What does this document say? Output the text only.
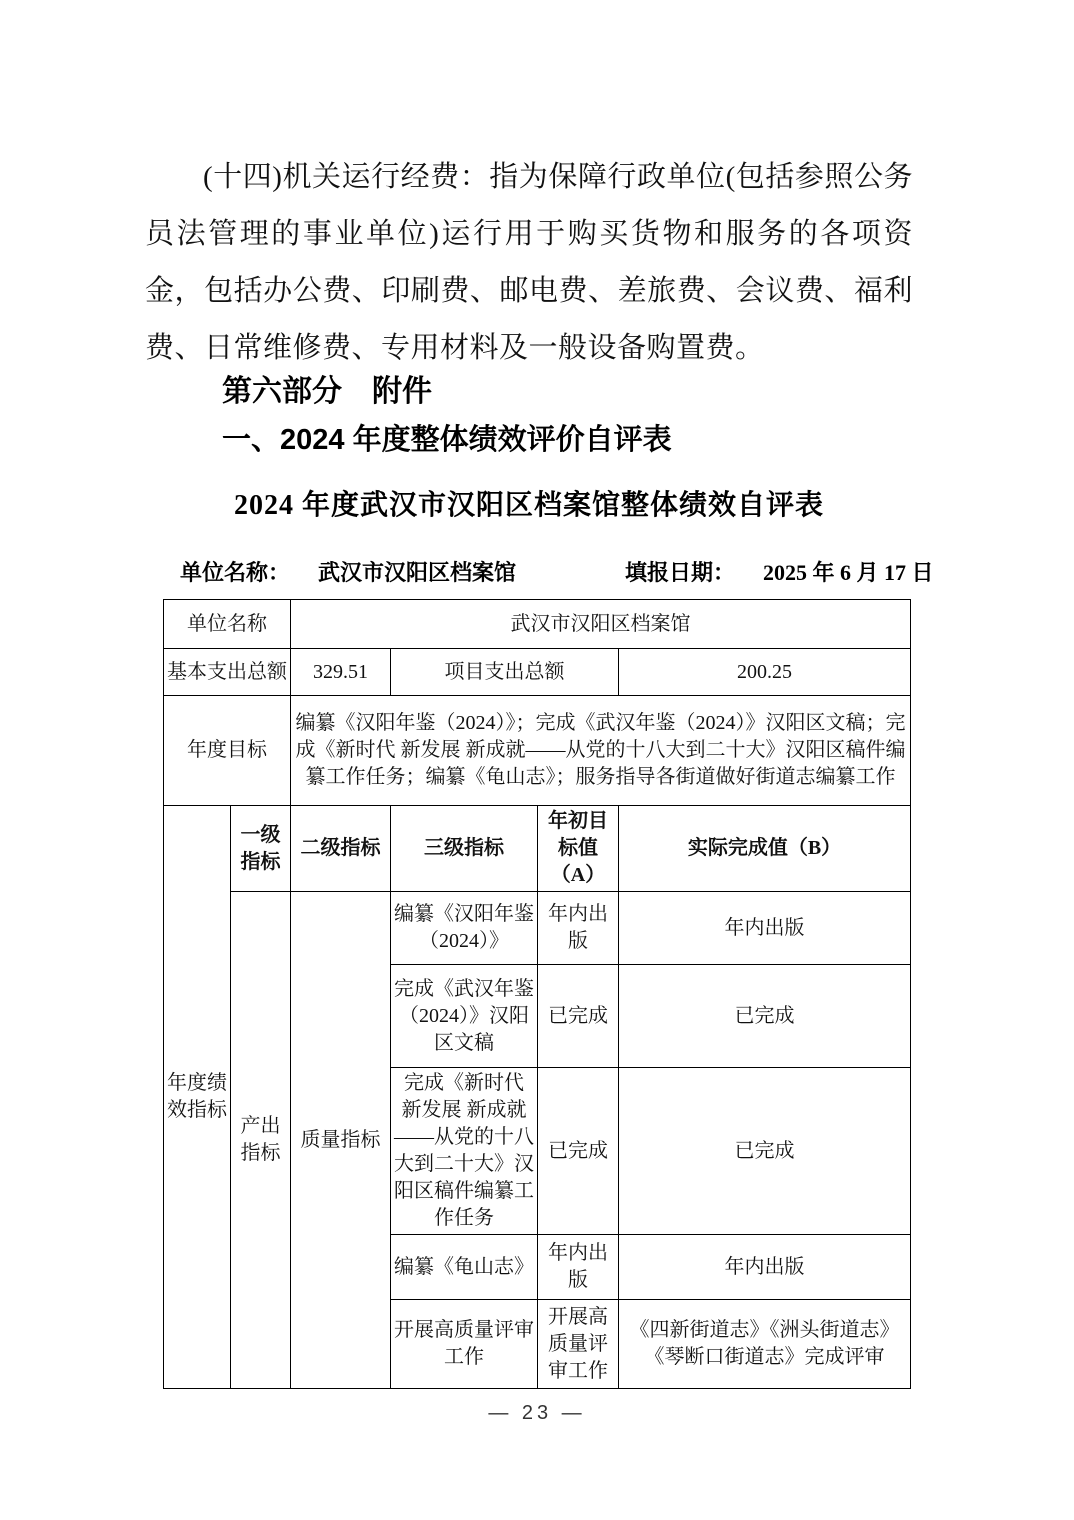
(十四)机关运行经费：指为保障行政单位(包括参照公务员法管理的事业单位)运行用于购买货物和服务的各项资金，包括办公费、印刷费、邮电费、差旅费、会议费、福利费、日常维修费、专用材料及一般设备购置费。

第六部分　附件
一、2024 年度整体绩效评价自评表
2024 年度武汉市汉阳区档案馆整体绩效自评表
单位名称： 武汉市汉阳区档案馆	填报日期： 2025 年 6 月 17 日
单位名称		武汉市汉阳区档案馆			
基本支出总额		329.51	项目支出总额		200.25
年度目标		编纂《汉阳年鉴（2024）》；完成《武汉年鉴（2024）》汉阳区文稿；完成《新时代 新发展 新成就——从党的十八大到二十大》汉阳区稿件编纂工作任务；编纂《龟山志》；服务指导各街道做好街道志编纂工作			
年度绩效指标	一级指标	二级指标	三级指标	年初目标值（A）	实际完成值（B）
	产出指标	质量指标	编纂《汉阳年鉴（2024）》	年内出版	年内出版
			完成《武汉年鉴（2024）》汉阳区文稿	已完成	已完成
			完成《新时代 新发展 新成就——从党的十八大到二十大》汉阳区稿件编纂工作任务	已完成	已完成
			编纂《龟山志》	年内出版	年内出版
			开展高质量评审工作	开展高质量评审工作	《四新街道志》《洲头街道志》《琴断口街道志》完成评审
— 23 —
